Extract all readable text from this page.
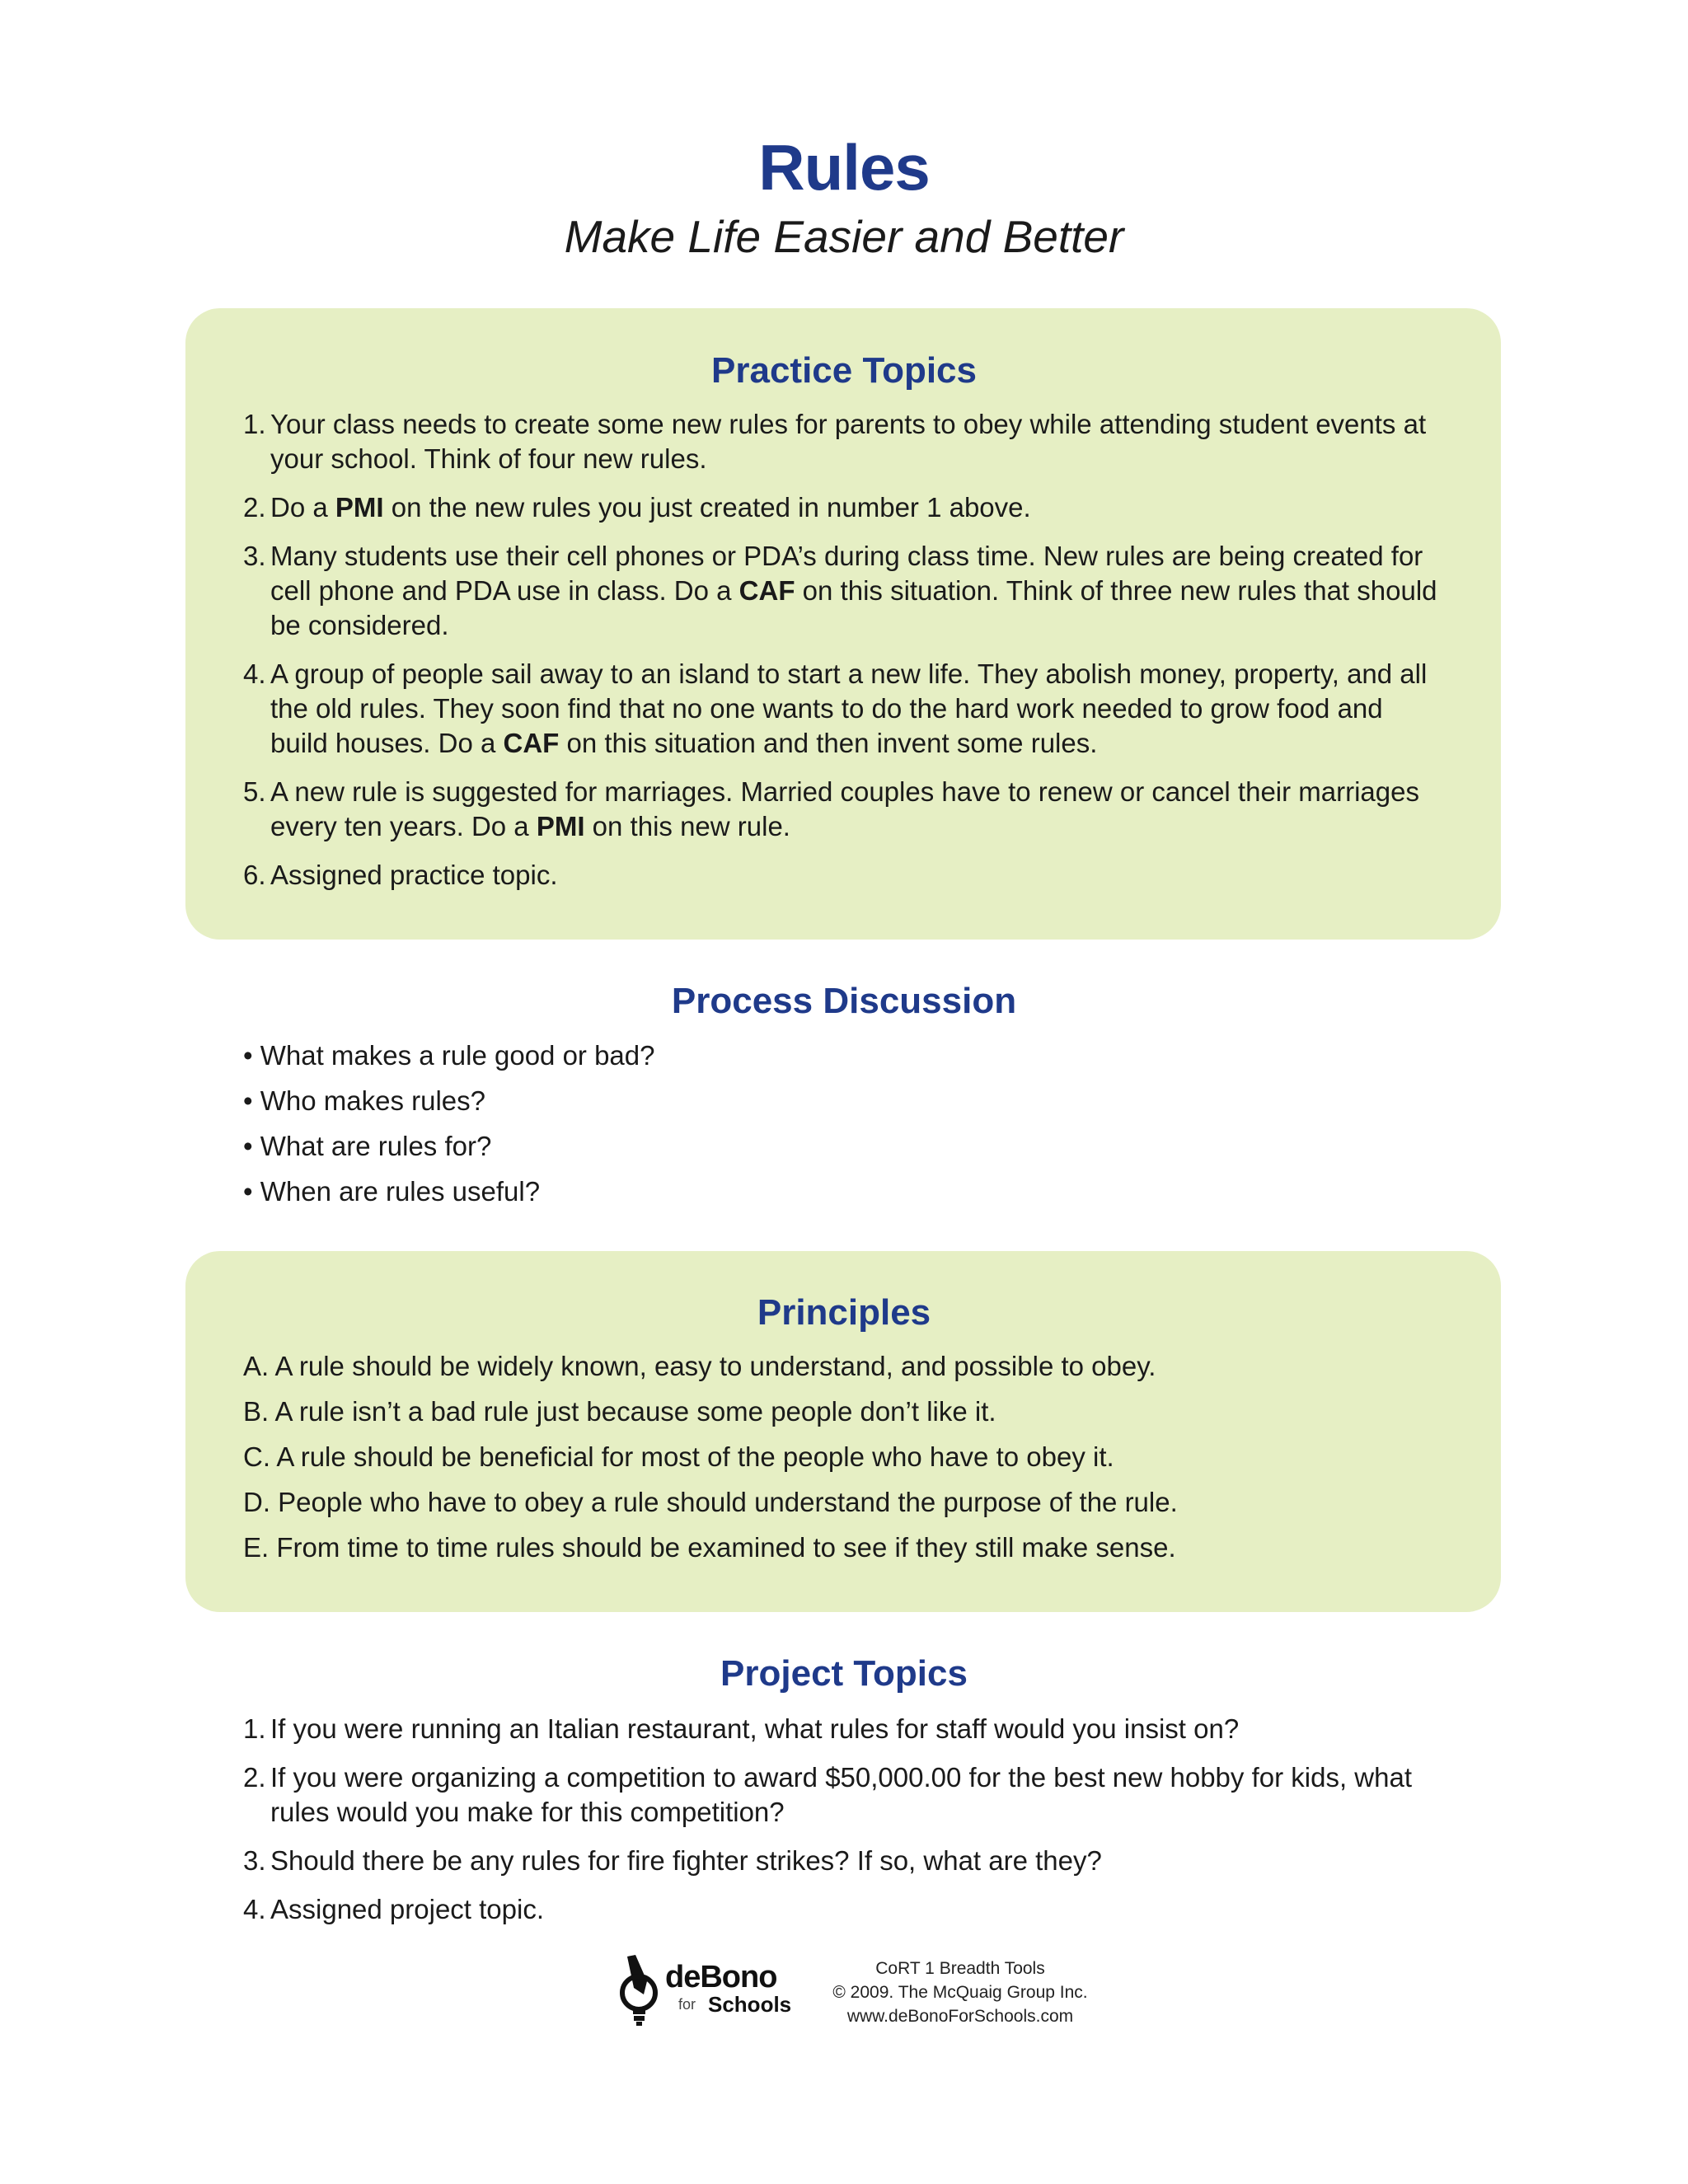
Rules
Make Life Easier and Better
Practice Topics
1. Your class needs to create some new rules for parents to obey while attending student events at your school. Think of four new rules.
2. Do a PMI on the new rules you just created in number 1 above.
3. Many students use their cell phones or PDA’s during class time. New rules are being created for cell phone and PDA use in class. Do a CAF on this situation. Think of three new rules that should be considered.
4. A group of people sail away to an island to start a new life. They abolish money, property, and all the old rules. They soon find that no one wants to do the hard work needed to grow food and build houses. Do a CAF on this situation and then invent some rules.
5. A new rule is suggested for marriages. Married couples have to renew or cancel their marriages every ten years. Do a PMI on this new rule.
6. Assigned practice topic.
Process Discussion
• What makes a rule good or bad?
• Who makes rules?
• What are rules for?
• When are rules useful?
Principles
A. A rule should be widely known, easy to understand, and possible to obey.
B. A rule isn’t a bad rule just because some people don’t like it.
C. A rule should be beneficial for most of the people who have to obey it.
D. People who have to obey a rule should understand the purpose of the rule.
E. From time to time rules should be examined to see if they still make sense.
Project Topics
1. If you were running an Italian restaurant, what rules for staff would you insist on?
2. If you were organizing a competition to award $50,000.00 for the best new hobby for kids, what rules would you make for this competition?
3. Should there be any rules for fire fighter strikes? If so, what are they?
4. Assigned project topic.
deBono
for Schools
CoRT 1 Breadth Tools
© 2009. The McQuaig Group Inc.
www.deBonoForSchools.com
